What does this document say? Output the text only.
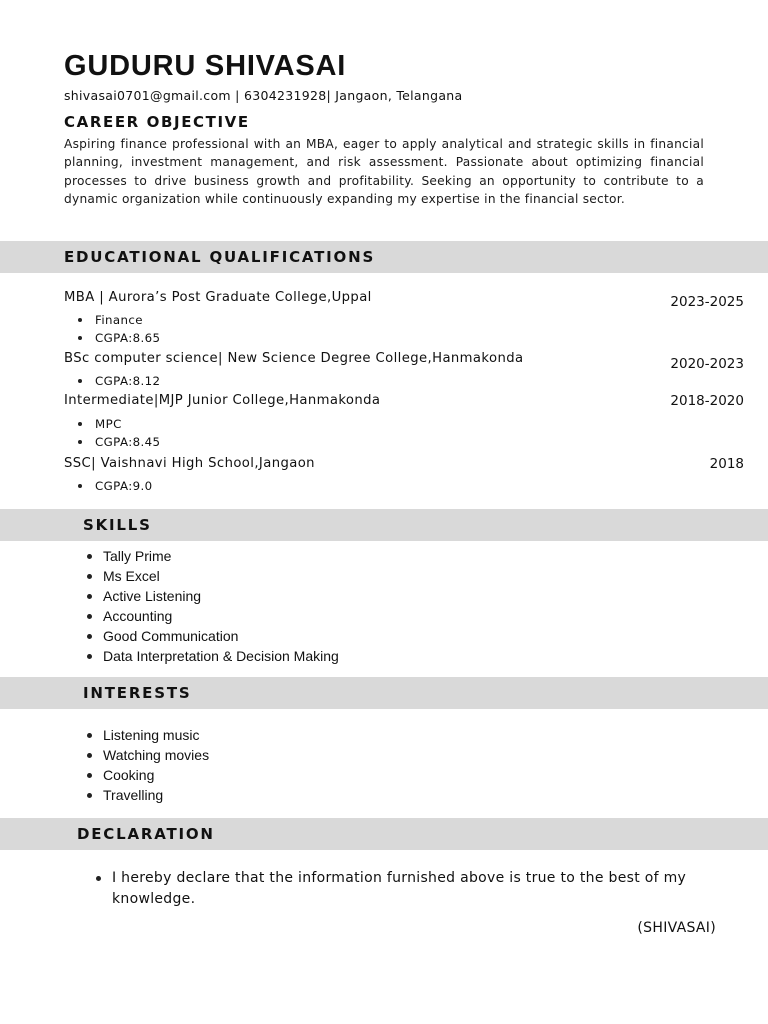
GUDURU SHIVASAI
shivasai0701@gmail.com | 6304231928| Jangaon, Telangana
CAREER OBJECTIVE
Aspiring finance professional with an MBA, eager to apply analytical and strategic skills in financial planning, investment management, and risk assessment. Passionate about optimizing financial processes to drive business growth and profitability. Seeking an opportunity to contribute to a dynamic organization while continuously expanding my expertise in the financial sector.
EDUCATIONAL QUALIFICATIONS
MBA | Aurora’s Post Graduate College,Uppal	2023-2025
Finance
CGPA:8.65
BSc computer science| New Science Degree College,Hanmakonda	2020-2023
CGPA:8.12
Intermediate|MJP Junior College,Hanmakonda	2018-2020
MPC
CGPA:8.45
SSC| Vaishnavi High School,Jangaon	2018
CGPA:9.0
SKILLS
Tally Prime
Ms Excel
Active Listening
Accounting
Good Communication
Data Interpretation & Decision Making
INTERESTS
Listening music
Watching movies
Cooking
Travelling
DECLARATION
I hereby declare that the information furnished above is true to the best of my knowledge.
(SHIVASAI)
